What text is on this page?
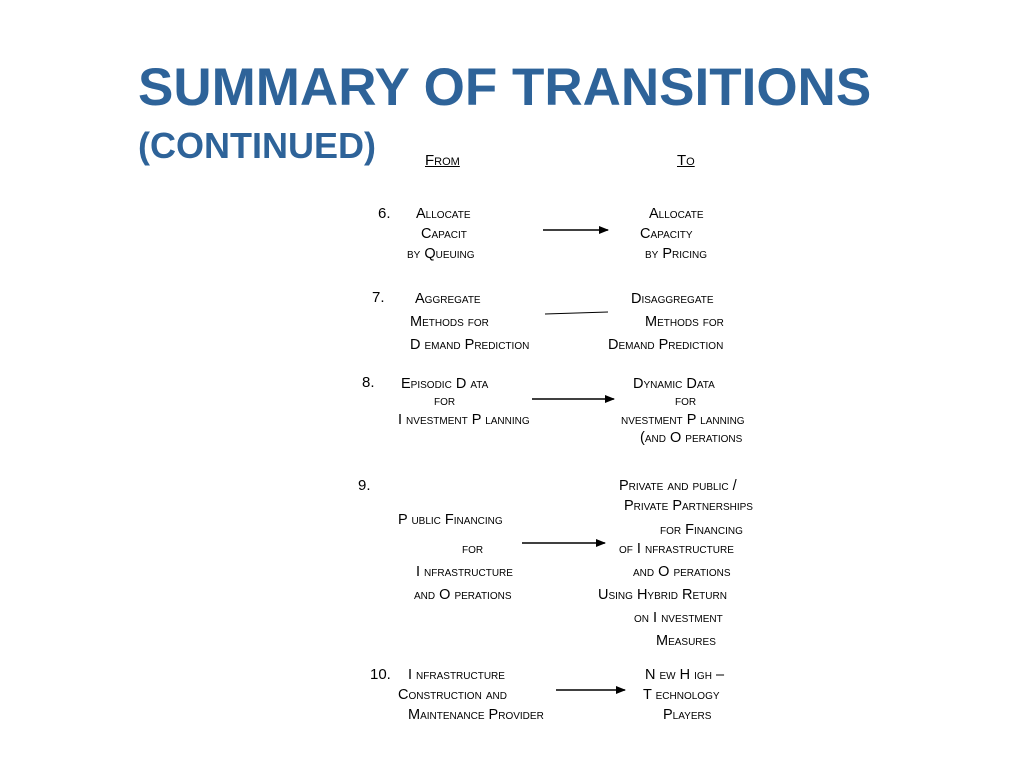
SUMMARY OF TRANSITIONS
(CONTINUED)	From	To
6. Allocate
Capacit
by Queuing
Allocate
Capacity
by Pricing
7. Aggregate
Methods for
D emand Prediction
Disaggregate
Methods for
Demand Prediction
8. Episodic D ata
for
I nvestment P lanning
Dynamic Data
for
nvestment P lanning
(and O perations
9.
P ublic Financing
for
I nfrastructure
and O perations
Private and public /
Private Partnerships
for Financing
of I nfrastructure
and O perations
Using Hybrid Return
on I nvestment
Measures
10. I nfrastructure
Construction and
Maintenance Provider
N ew H igh –
T echnology
Players
